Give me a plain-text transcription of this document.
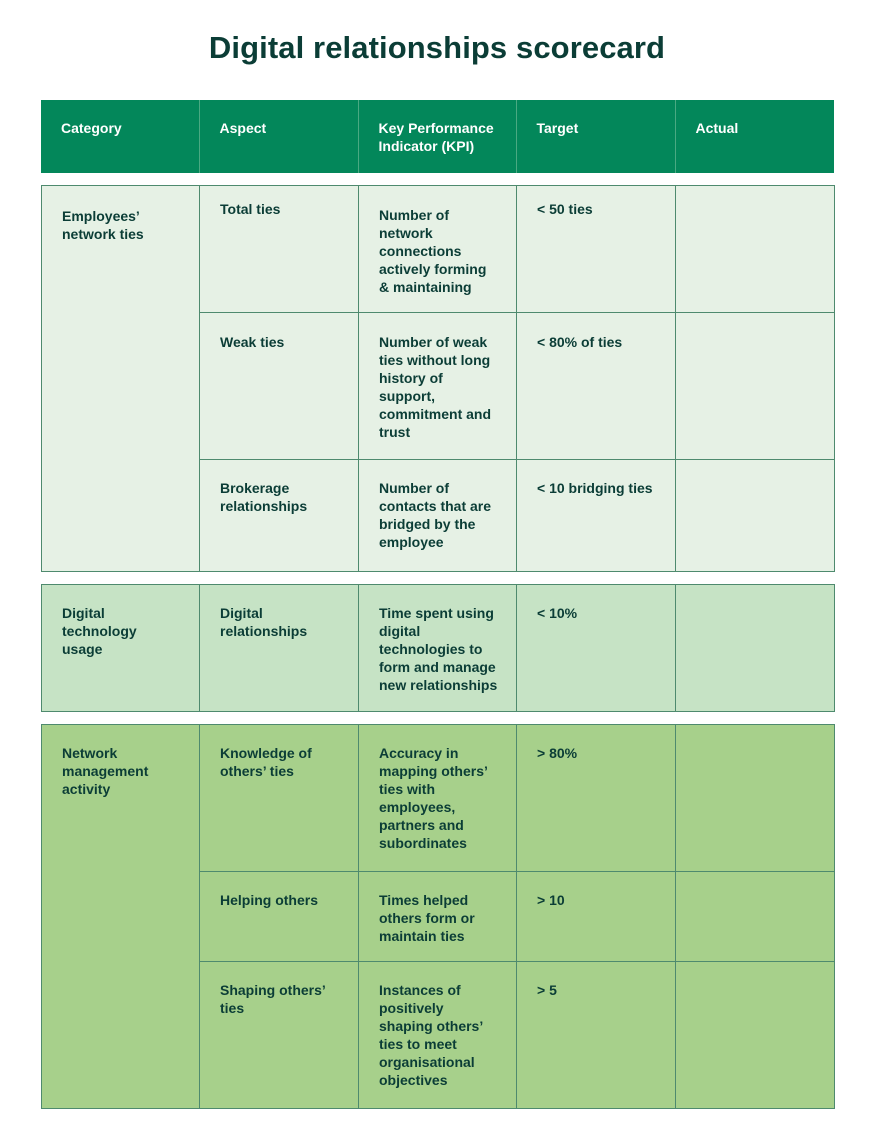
Digital relationships scorecard
Category	Aspect	Key Performance Indicator (KPI)	Target	Actual
Employees’ network ties	Total ties	Number of network connections actively forming & maintaining	< 50 ties	
	Weak ties	Number of weak ties without long history of support, commitment and trust	< 80% of ties	
	Brokerage relationships	Number of contacts that are bridged by the employee	< 10 bridging ties	
Digital technology usage	Digital relationships	Time spent using digital technologies to form and manage new relationships	< 10%	
Network management activity	Knowledge of others’ ties	Accuracy in mapping others’ ties with employees, partners and subordinates	> 80%	
	Helping others	Times helped others form or maintain ties	> 10	
	Shaping others’ ties	Instances of positively shaping others’ ties to meet organisational objectives	> 5	
